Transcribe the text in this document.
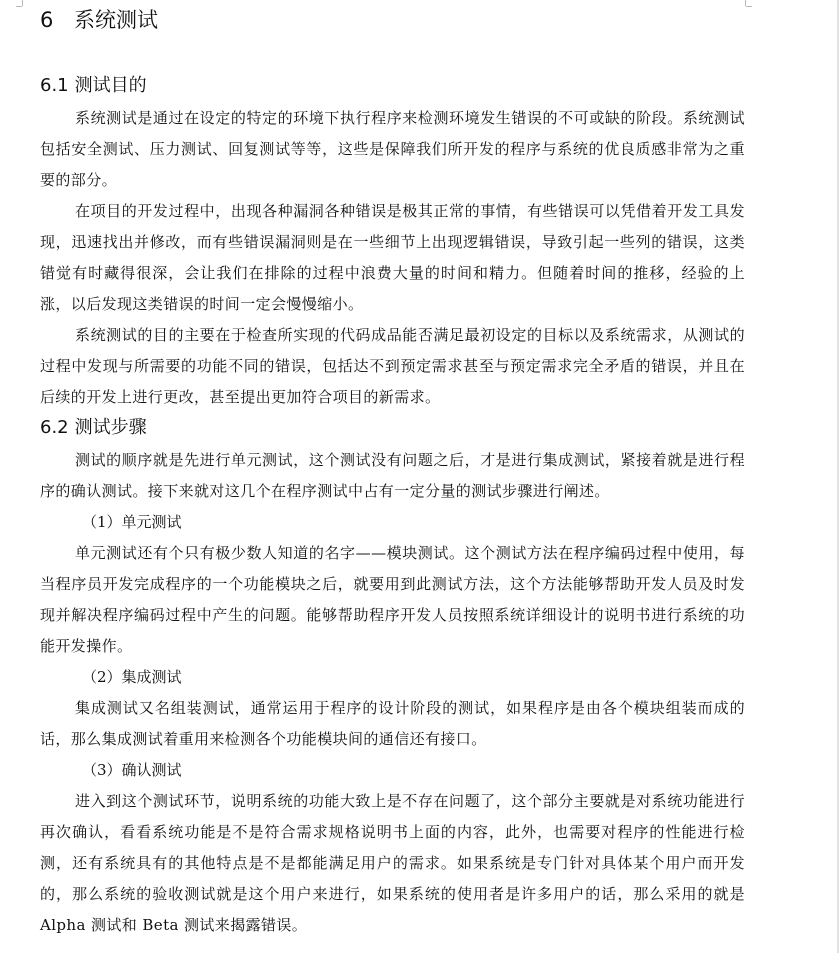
6 系统测试
6.1 测试目的

系统测试是通过在设定的特定的环境下执行程序来检测环境发生错误的不可或缺的阶段。系统测试包括安全测试、压力测试、回复测试等等，这些是保障我们所开发的程序与系统的优良质感非常为之重要的部分。

在项目的开发过程中，出现各种漏洞各种错误是极其正常的事情，有些错误可以凭借着开发工具发现，迅速找出并修改，而有些错误漏洞则是在一些细节上出现逻辑错误，导致引起一些列的错误，这类错觉有时藏得很深，会让我们在排除的过程中浪费大量的时间和精力。但随着时间的推移，经验的上涨，以后发现这类错误的时间一定会慢慢缩小。

系统测试的目的主要在于检查所实现的代码成品能否满足最初设定的目标以及系统需求，从测试的过程中发现与所需要的功能不同的错误，包括达不到预定需求甚至与预定需求完全矛盾的错误，并且在后续的开发上进行更改，甚至提出更加符合项目的新需求。

6.2 测试步骤

测试的顺序就是先进行单元测试，这个测试没有问题之后，才是进行集成测试，紧接着就是进行程序的确认测试。接下来就对这几个在程序测试中占有一定分量的测试步骤进行阐述。

（1）单元测试

单元测试还有个只有极少数人知道的名字——模块测试。这个测试方法在程序编码过程中使用，每当程序员开发完成程序的一个功能模块之后，就要用到此测试方法，这个方法能够帮助开发人员及时发现并解决程序编码过程中产生的问题。能够帮助程序开发人员按照系统详细设计的说明书进行系统的功能开发操作。

（2）集成测试

集成测试又名组装测试，通常运用于程序的设计阶段的测试，如果程序是由各个模块组装而成的话，那么集成测试着重用来检测各个功能模块间的通信还有接口。

（3）确认测试

进入到这个测试环节，说明系统的功能大致上是不存在问题了，这个部分主要就是对系统功能进行再次确认，看看系统功能是不是符合需求规格说明书上面的内容，此外，也需要对程序的性能进行检测，还有系统具有的其他特点是不是都能满足用户的需求。如果系统是专门针对具体某个用户而开发的，那么系统的验收测试就是这个用户来进行，如果系统的使用者是许多用户的话，那么采用的就是 Alpha 测试和 Beta 测试来揭露错误。
